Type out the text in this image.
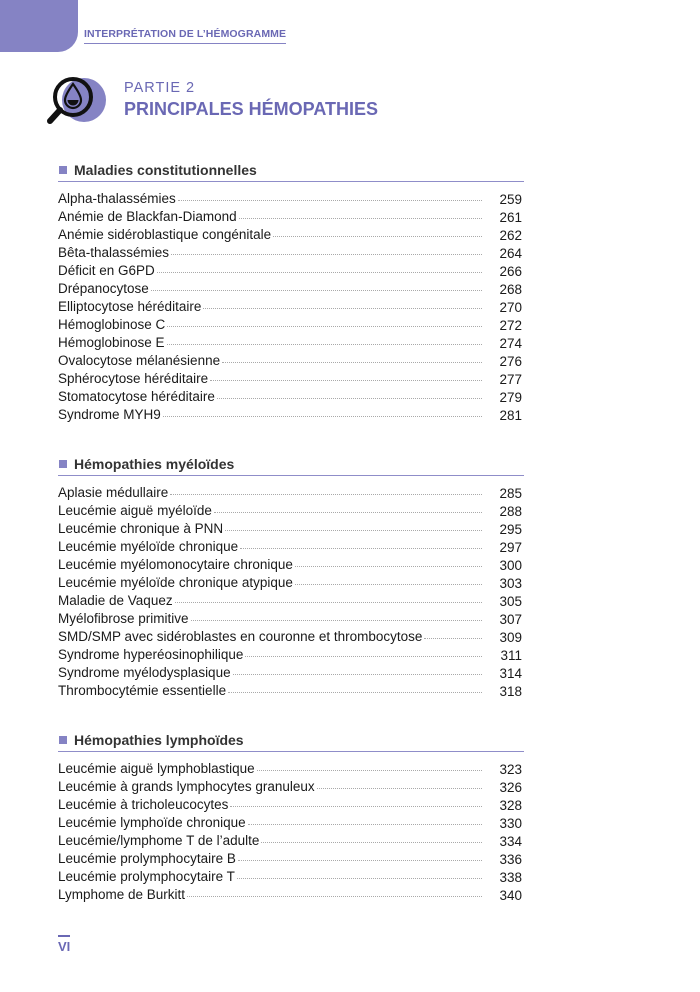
INTERPRÉTATION DE L’HÉMOGRAMME
PARTIE 2
PRINCIPALES HÉMOPATHIES
Maladies constitutionnelles
Alpha-thalassémies	259
Anémie de Blackfan-Diamond	261
Anémie sidéroblastique congénitale	262
Bêta-thalassémies	264
Déficit en G6PD	266
Drépanocytose	268
Elliptocytose héréditaire	270
Hémoglobinose C	272
Hémoglobinose E	274
Ovalocytose mélanésienne	276
Sphérocytose héréditaire	277
Stomatocytose héréditaire	279
Syndrome MYH9	281
Hémopathies myéloïdes
Aplasie médullaire	285
Leucémie aiguë myéloïde	288
Leucémie chronique à PNN	295
Leucémie myéloïde chronique	297
Leucémie myélomonocytaire chronique	300
Leucémie myéloïde chronique atypique	303
Maladie de Vaquez	305
Myélofibrose primitive	307
SMD/SMP avec sidéroblastes en couronne et thrombocytose	309
Syndrome hyperéosinophilique	311
Syndrome myélodysplasique	314
Thrombocytémie essentielle	318
Hémopathies lymphoïdes
Leucémie aiguë lymphoblastique	323
Leucémie à grands lymphocytes granuleux	326
Leucémie à tricholeucocytes	328
Leucémie lymphoïde chronique	330
Leucémie/lymphome T de l’adulte	334
Leucémie prolymphocytaire B	336
Leucémie prolymphocytaire T	338
Lymphome de Burkitt	340
VI
